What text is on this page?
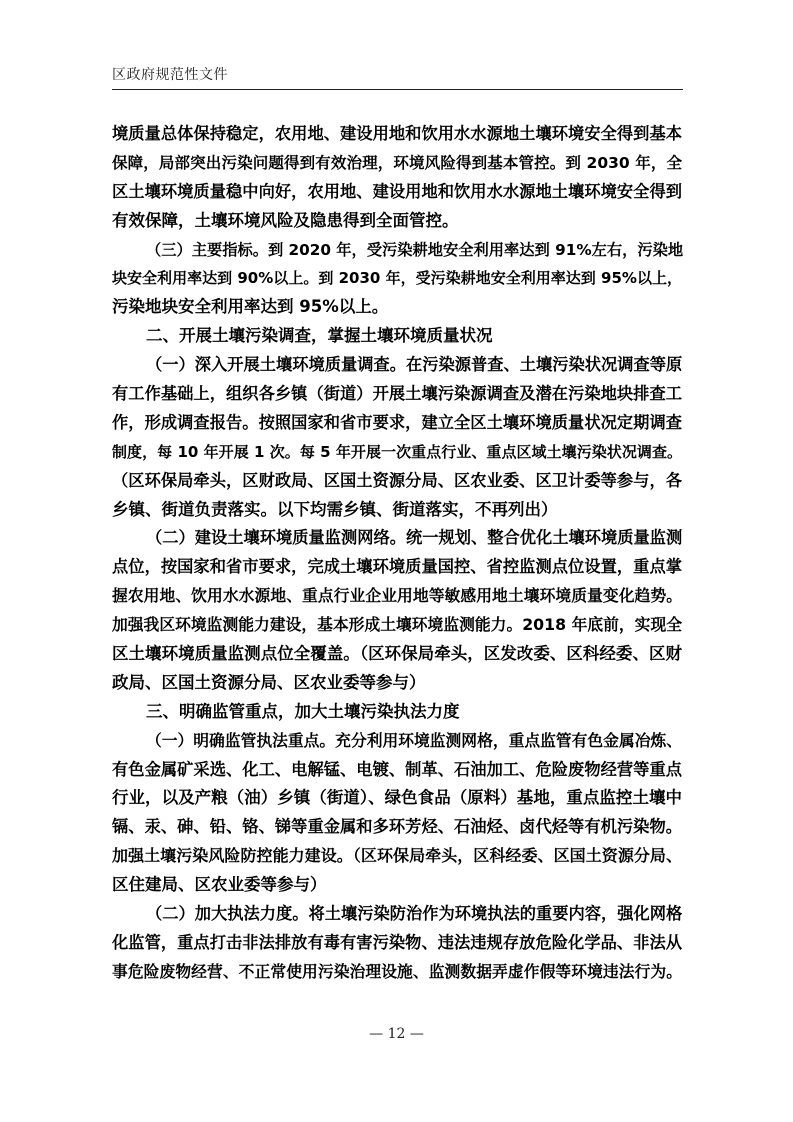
区政府规范性文件
境质量总体保持稳定，农用地、建设用地和饮用水水源地土壤环境安全得到基本
保障，局部突出污染问题得到有效治理，环境风险得到基本管控。到 2030 年，全
区土壤环境质量稳中向好，农用地、建设用地和饮用水水源地土壤环境安全得到
有效保障，土壤环境风险及隐患得到全面管控。
（三）主要指标。到 2020 年，受污染耕地安全利用率达到 91%左右，污染地
块安全利用率达到 90%以上。到 2030 年，受污染耕地安全利用率达到 95%以上，
污染地块安全利用率达到 95%以上。
二、开展土壤污染调查，掌握土壤环境质量状况
（一）深入开展土壤环境质量调查。在污染源普查、土壤污染状况调查等原
有工作基础上，组织各乡镇（街道）开展土壤污染源调查及潜在污染地块排查工
作，形成调查报告。按照国家和省市要求，建立全区土壤环境质量状况定期调查
制度，每 10 年开展 1 次。每 5 年开展一次重点行业、重点区域土壤污染状况调查。
（区环保局牵头，区财政局、区国土资源分局、区农业委、区卫计委等参与，各
乡镇、街道负责落实。以下均需乡镇、街道落实，不再列出）
（二）建设土壤环境质量监测网络。统一规划、整合优化土壤环境质量监测
点位，按国家和省市要求，完成土壤环境质量国控、省控监测点位设置，重点掌
握农用地、饮用水水源地、重点行业企业用地等敏感用地土壤环境质量变化趋势。
加强我区环境监测能力建设，基本形成土壤环境监测能力。2018 年底前，实现全
区土壤环境质量监测点位全覆盖。（区环保局牵头，区发改委、区科经委、区财
政局、区国土资源分局、区农业委等参与）
三、明确监管重点，加大土壤污染执法力度
（一）明确监管执法重点。充分利用环境监测网格，重点监管有色金属冶炼、
有色金属矿采选、化工、电解锰、电镀、制革、石油加工、危险废物经营等重点
行业，以及产粮（油）乡镇（街道）、绿色食品（原料）基地，重点监控土壤中
镉、汞、砷、铅、铬、锑等重金属和多环芳烃、石油烃、卤代烃等有机污染物。
加强土壤污染风险防控能力建设。（区环保局牵头，区科经委、区国土资源分局、
区住建局、区农业委等参与）
（二）加大执法力度。将土壤污染防治作为环境执法的重要内容，强化网格
化监管，重点打击非法排放有毒有害污染物、违法违规存放危险化学品、非法从
事危险废物经营、不正常使用污染治理设施、监测数据弄虚作假等环境违法行为。
— 12 —
